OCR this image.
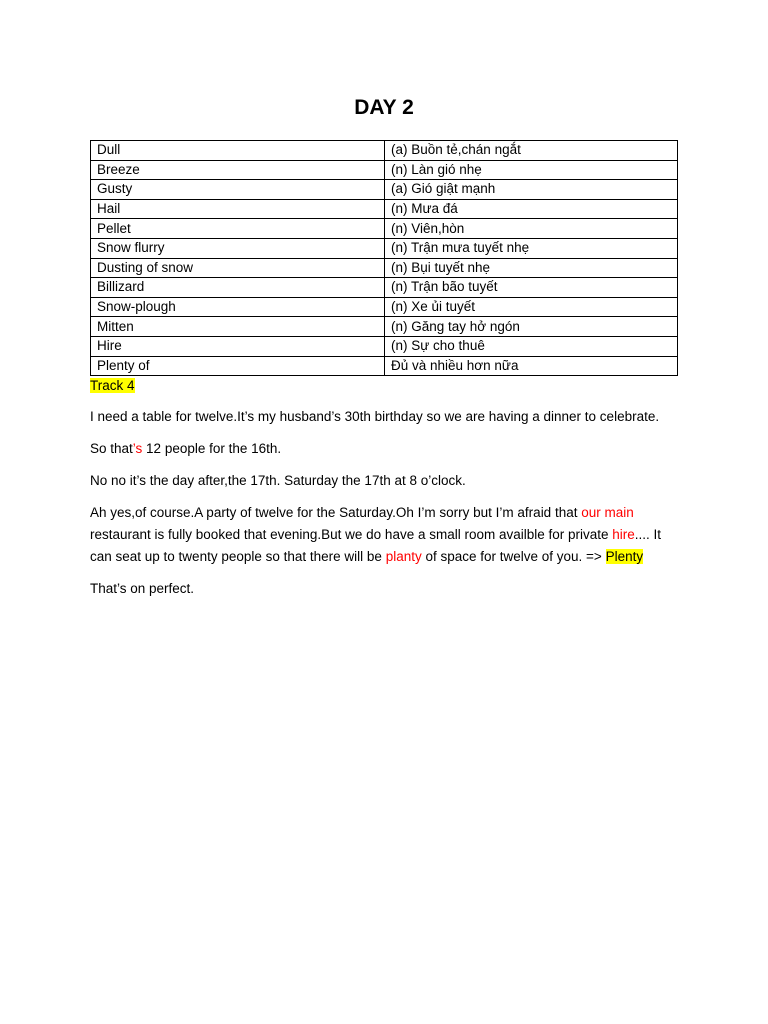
DAY 2
Dull	(a) Buồn tẻ,chán ngắt
Breeze	(n) Làn gió nhẹ
Gusty	(a) Gió giật mạnh
Hail	(n) Mưa đá
Pellet	(n) Viên,hòn
Snow flurry	(n) Trận mưa tuyết nhẹ
Dusting of snow	(n) Bụi tuyết nhẹ
Billizard	(n) Trận bão tuyết
Snow-plough	(n) Xe ủi tuyết
Mitten	(n) Găng tay hở ngón
Hire	(n) Sự cho thuê
Plenty of	Đủ và nhiều hơn nữa
Track 4

I need a table for twelve.It’s my husband’s 30th birthday so we are having a dinner to celebrate.

So that’s 12 people for the 16th.

No no it’s the day after,the 17th. Saturday the 17th at 8 o’clock.

Ah yes,of course.A party of twelve for the Saturday.Oh I’m sorry but I’m afraid that our main restaurant is fully booked that evening.But we do have a small room availble for private hire.... It can seat up to twenty people so that there will be planty of space for twelve of you. => Plenty

That’s on perfect.
